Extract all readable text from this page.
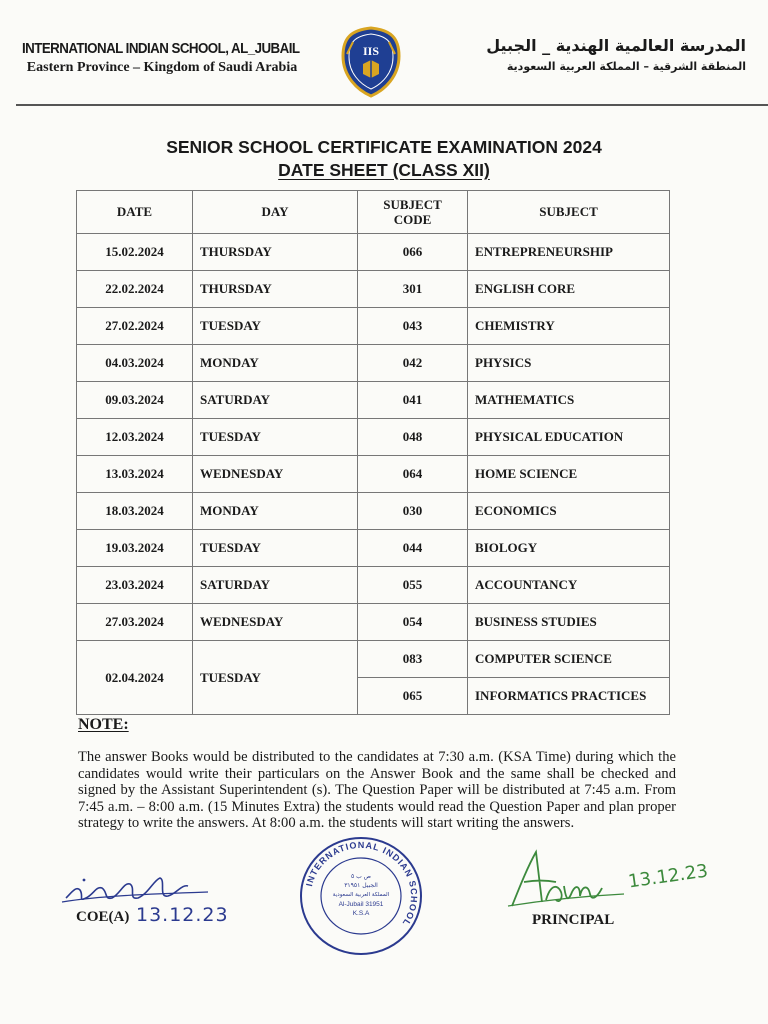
INTERNATIONAL INDIAN SCHOOL, AL_JUBAIL
Eastern Province – Kingdom of Saudi Arabia
IIS	المدرسة العالمية الهندية _ الجبيل
المنطقة الشرقية – المملكة العربية السعودية
SENIOR SCHOOL CERTIFICATE EXAMINATION 2024
DATE SHEET (CLASS XII)
DATE	DAY	SUBJECT CODE	SUBJECT
15.02.2024	THURSDAY	066	ENTREPRENEURSHIP
22.02.2024	THURSDAY	301	ENGLISH CORE
27.02.2024	TUESDAY	043	CHEMISTRY
04.03.2024	MONDAY	042	PHYSICS
09.03.2024	SATURDAY	041	MATHEMATICS
12.03.2024	TUESDAY	048	PHYSICAL EDUCATION
13.03.2024	WEDNESDAY	064	HOME SCIENCE
18.03.2024	MONDAY	030	ECONOMICS
19.03.2024	TUESDAY	044	BIOLOGY
23.03.2024	SATURDAY	055	ACCOUNTANCY
27.03.2024	WEDNESDAY	054	BUSINESS STUDIES
02.04.2024	TUESDAY	083	COMPUTER SCIENCE
		065	INFORMATICS PRACTICES
NOTE:
The answer Books would be distributed to the candidates at 7:30 a.m. (KSA Time) during which the candidates would write their particulars on the Answer Book and the same shall be checked and signed by the Assistant Superintendent (s). The Question Paper will be distributed at 7:45 a.m. From 7:45 a.m. – 8:00 a.m. (15 Minutes Extra) the students would read the Question Paper and plan proper strategy to write the answers. At 8:00 a.m. the students will start writing the answers.
COE(A) 13.12.23
INTERNATIONAL INDIAN SCHOOL
ص ب ٥
الجبيل ٣١٩٥١
المملكة العربية السعودية
Al-Jubail 31951
K.S.A
13.12.23
PRINCIPAL
